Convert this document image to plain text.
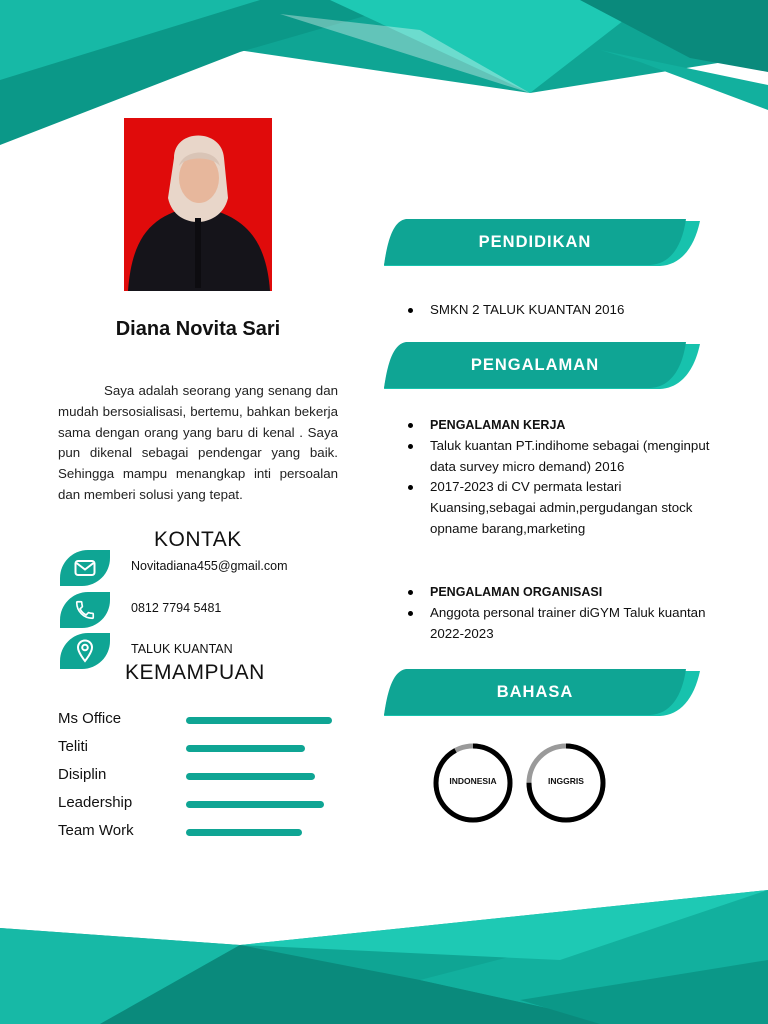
Diana Novita Sari

Saya adalah seorang yang senang dan mudah bersosialisasi, bertemu, bahkan bekerja sama dengan orang yang baru di kenal . Saya pun dikenal sebagai pendengar yang baik. Sehingga mampu menangkap inti persoalan dan memberi solusi yang tepat.

KONTAK
Novitadiana455@gmail.com
0812 7794 5481
TALUK KUANTAN
KEMAMPUAN
Ms Office
Teliti
Disiplin
Leadership
Team Work
PENDIDIKAN
SMKN 2 TALUK KUANTAN 2016
PENGALAMAN
PENGALAMAN KERJA
Taluk kuantan PT.indihome sebagai (menginput data survey micro demand) 2016
2017-2023 di CV permata lestari Kuansing,sebagai admin,pergudangan stock opname barang,marketing
PENGALAMAN ORGANISASI
Anggota personal trainer diGYM Taluk kuantan 2022-2023
BAHASA
INDONESIA	INGGRIS
